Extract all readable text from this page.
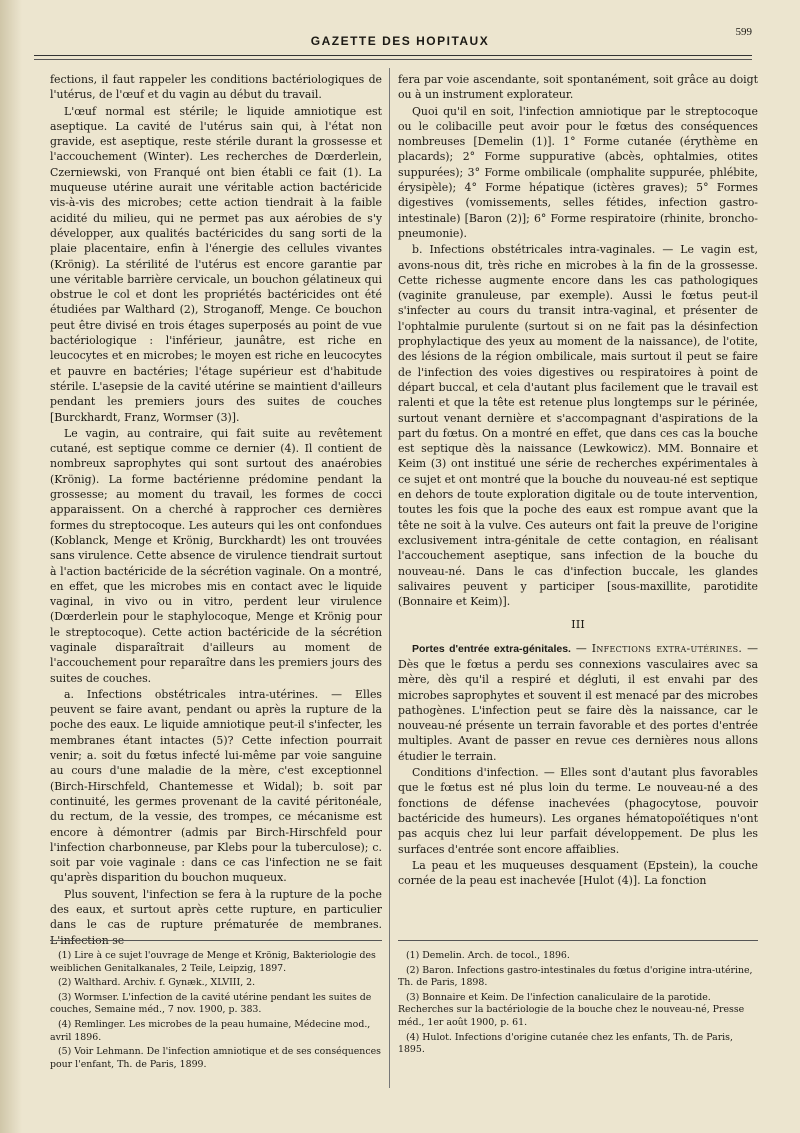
GAZETTE DES HOPITAUX
599

fections, il faut rappeler les conditions bactériologiques de l'utérus, de l'œuf et du vagin au début du travail.

L'œuf normal est stérile; le liquide amniotique est aseptique. La cavité de l'utérus sain qui, à l'état non gravide, est aseptique, reste stérile durant la grossesse et l'accouchement (Winter). Les recherches de Dœrderlein, Czerniewski, von Franqué ont bien établi ce fait (1). La muqueuse utérine aurait une véritable action bactéricide vis-à-vis des microbes; cette action tiendrait à la faible acidité du milieu, qui ne permet pas aux aérobies de s'y développer, aux qualités bactéricides du sang sorti de la plaie placentaire, enfin à l'énergie des cellules vivantes (Krönig). La stérilité de l'utérus est encore garantie par une véritable barrière cervicale, un bouchon gélatineux qui obstrue le col et dont les propriétés bactéricides ont été étudiées par Walthard (2), Stroganoff, Menge. Ce bouchon peut être divisé en trois étages superposés au point de vue bactériologique : l'inférieur, jaunâtre, est riche en leucocytes et en microbes; le moyen est riche en leucocytes et pauvre en bactéries; l'étage supérieur est d'habitude stérile. L'asepsie de la cavité utérine se maintient d'ailleurs pendant les premiers jours des suites de couches [Burckhardt, Franz, Wormser (3)].

Le vagin, au contraire, qui fait suite au revêtement cutané, est septique comme ce dernier (4). Il contient de nombreux saprophytes qui sont surtout des anaérobies (Krönig). La forme bactérienne prédomine pendant la grossesse; au moment du travail, les formes de cocci apparaissent. On a cherché à rapprocher ces dernières formes du streptocoque. Les auteurs qui les ont confondues (Koblanck, Menge et Krönig, Burckhardt) les ont trouvées sans virulence. Cette absence de virulence tiendrait surtout à l'action bactéricide de la sécrétion vaginale. On a montré, en effet, que les microbes mis en contact avec le liquide vaginal, in vivo ou in vitro, perdent leur virulence (Dœrderlein pour le staphylocoque, Menge et Krönig pour le streptocoque). Cette action bactéricide de la sécrétion vaginale disparaîtrait d'ailleurs au moment de l'accouchement pour reparaître dans les premiers jours des suites de couches.

a. Infections obstétricales intra-utérines. — Elles peuvent se faire avant, pendant ou après la rupture de la poche des eaux. Le liquide amniotique peut-il s'infecter, les membranes étant intactes (5)? Cette infection pourrait venir; a. soit du fœtus infecté lui-même par voie sanguine au cours d'une maladie de la mère, c'est exceptionnel (Birch-Hirschfeld, Chantemesse et Widal); b. soit par continuité, les germes provenant de la cavité péritonéale, du rectum, de la vessie, des trompes, ce mécanisme est encore à démontrer (admis par Birch-Hirschfeld pour l'infection charbonneuse, par Klebs pour la tuberculose); c. soit par voie vaginale : dans ce cas l'infection ne se fait qu'après disparition du bouchon muqueux.

Plus souvent, l'infection se fera à la rupture de la poche des eaux, et surtout après cette rupture, en particulier dans le cas de rupture prématurée de membranes. L'infection se

fera par voie ascendante, soit spontanément, soit grâce au doigt ou à un instrument explorateur.

Quoi qu'il en soit, l'infection amniotique par le streptocoque ou le colibacille peut avoir pour le fœtus des conséquences nombreuses [Demelin (1)]. 1° Forme cutanée (érythème en placards); 2° Forme suppurative (abcès, ophtalmies, otites suppurées); 3° Forme ombilicale (omphalite suppurée, phlébite, érysipèle); 4° Forme hépatique (ictères graves); 5° Formes digestives (vomissements, selles fétides, infection gastro-intestinale) [Baron (2)]; 6° Forme respiratoire (rhinite, broncho-pneumonie).

b. Infections obstétricales intra-vaginales. — Le vagin est, avons-nous dit, très riche en microbes à la fin de la grossesse. Cette richesse augmente encore dans les cas pathologiques (vaginite granuleuse, par exemple). Aussi le fœtus peut-il s'infecter au cours du transit intra-vaginal, et présenter de l'ophtalmie purulente (surtout si on ne fait pas la désinfection prophylactique des yeux au moment de la naissance), de l'otite, des lésions de la région ombilicale, mais surtout il peut se faire de l'infection des voies digestives ou respiratoires à point de départ buccal, et cela d'autant plus facilement que le travail est ralenti et que la tête est retenue plus longtemps sur le périnée, surtout venant dernière et s'accompagnant d'aspirations de la part du fœtus. On a montré en effet, que dans ces cas la bouche est septique dès la naissance (Lewkowicz). MM. Bonnaire et Keim (3) ont institué une série de recherches expérimentales à ce sujet et ont montré que la bouche du nouveau-né est septique en dehors de toute exploration digitale ou de toute intervention, toutes les fois que la poche des eaux est rompue avant que la tête ne soit à la vulve. Ces auteurs ont fait la preuve de l'origine exclusivement intra-génitale de cette contagion, en réalisant l'accouchement aseptique, sans infection de la bouche du nouveau-né. Dans le cas d'infection buccale, les glandes salivaires peuvent y participer [sous-maxillite, parotidite (Bonnaire et Keim)].

III

Portes d'entrée extra-génitales. — Infections extra-utérines. — Dès que le fœtus a perdu ses connexions vasculaires avec sa mère, dès qu'il a respiré et dégluti, il est envahi par des microbes saprophytes et souvent il est menacé par des microbes pathogènes. L'infection peut se faire dès la naissance, car le nouveau-né présente un terrain favorable et des portes d'entrée multiples. Avant de passer en revue ces dernières nous allons étudier le terrain.

Conditions d'infection. — Elles sont d'autant plus favorables que le fœtus est né plus loin du terme. Le nouveau-né a des fonctions de défense inachevées (phagocytose, pouvoir bactéricide des humeurs). Les organes hématopoïétiques n'ont pas acquis chez lui leur parfait développement. De plus les surfaces d'entrée sont encore affaiblies.

La peau et les muqueuses desquament (Epstein), la couche cornée de la peau est inachevée [Hulot (4)]. La fonction

(1) Lire à ce sujet l'ouvrage de Menge et Krönig, Bakteriologie des weiblichen Genitalkanales, 2 Teile, Leipzig, 1897.

(2) Walthard. Archiv. f. Gynæk., XLVIII, 2.

(3) Wormser. L'infection de la cavité utérine pendant les suites de couches, Semaine méd., 7 nov. 1900, p. 383.

(4) Remlinger. Les microbes de la peau humaine, Médecine mod., avril 1896.

(5) Voir Lehmann. De l'infection amniotique et de ses conséquences pour l'enfant, Th. de Paris, 1899.

(1) Demelin. Arch. de tocol., 1896.

(2) Baron. Infections gastro-intestinales du fœtus d'origine intra-utérine, Th. de Paris, 1898.

(3) Bonnaire et Keim. De l'infection canaliculaire de la parotide. Recherches sur la bactériologie de la bouche chez le nouveau-né, Presse méd., 1er août 1900, p. 61.

(4) Hulot. Infections d'origine cutanée chez les enfants, Th. de Paris, 1895.
